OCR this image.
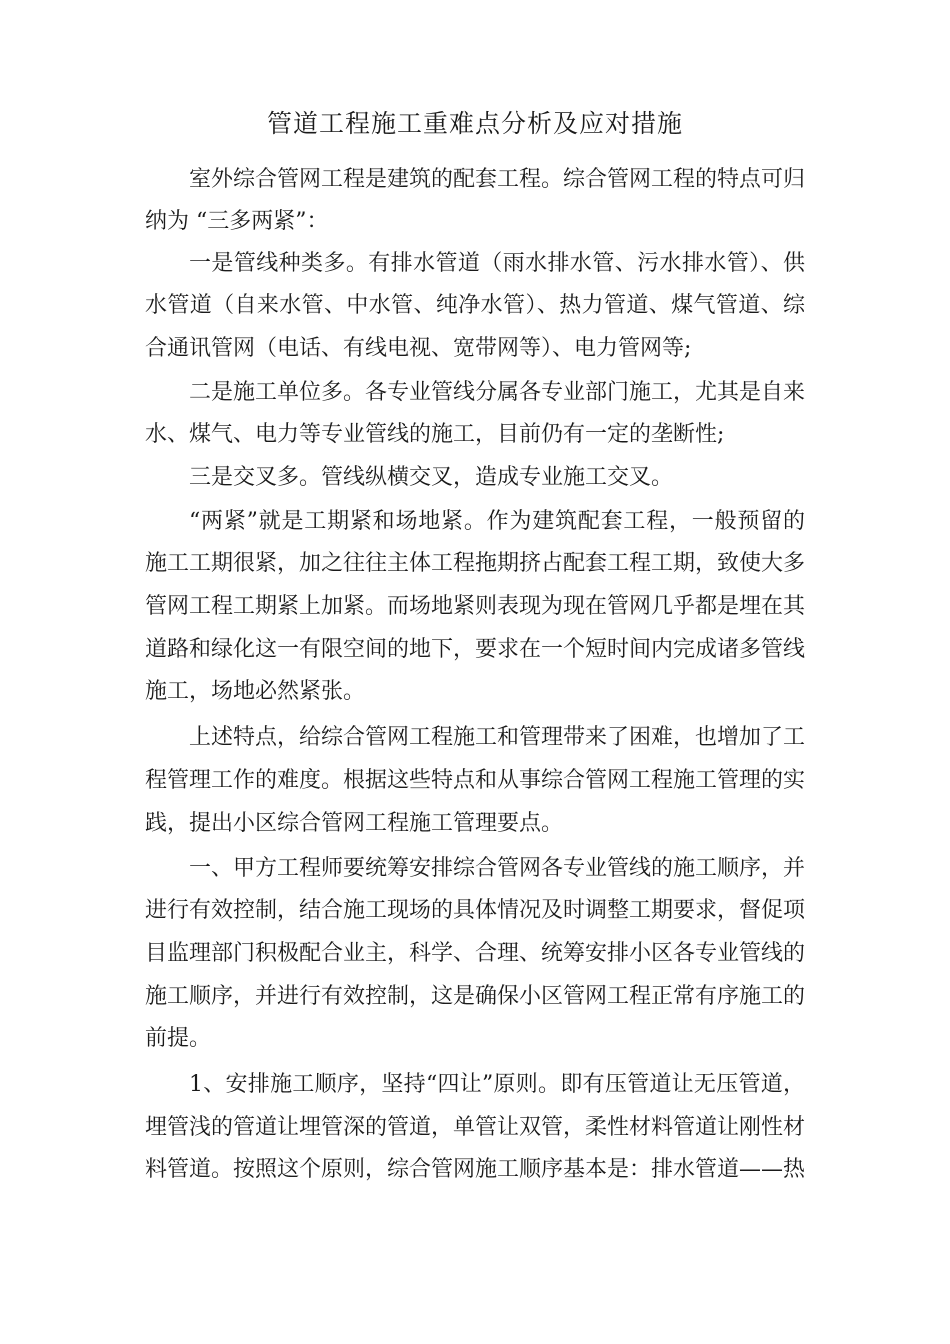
管道工程施工重难点分析及应对措施
室外综合管网工程是建筑的配套工程。综合管网工程的特点可归
纳为 “三多两紧”：
一是管线种类多。有排水管道（雨水排水管、污水排水管）、供
水管道（自来水管、中水管、纯净水管）、热力管道、煤气管道、综
合通讯管网（电话、有线电视、宽带网等）、电力管网等;
二是施工单位多。各专业管线分属各专业部门施工，尤其是自来
水、煤气、电力等专业管线的施工，目前仍有一定的垄断性;
三是交叉多。管线纵横交叉，造成专业施工交叉。
“两紧”就是工期紧和场地紧。作为建筑配套工程，一般预留的
施工工期很紧，加之往往主体工程拖期挤占配套工程工期，致使大多
管网工程工期紧上加紧。而场地紧则表现为现在管网几乎都是埋在其
道路和绿化这一有限空间的地下，要求在一个短时间内完成诸多管线
施工，场地必然紧张。
上述特点，给综合管网工程施工和管理带来了困难，也增加了工
程管理工作的难度。根据这些特点和从事综合管网工程施工管理的实
践，提出小区综合管网工程施工管理要点。
一、甲方工程师要统筹安排综合管网各专业管线的施工顺序，并
进行有效控制，结合施工现场的具体情况及时调整工期要求，督促项
目监理部门积极配合业主，科学、合理、统筹安排小区各专业管线的
施工顺序，并进行有效控制，这是确保小区管网工程正常有序施工的
前提。
1、安排施工顺序，坚持“四让”原则。即有压管道让无压管道，
埋管浅的管道让埋管深的管道，单管让双管，柔性材料管道让刚性材
料管道。按照这个原则，综合管网施工顺序基本是：排水管道——热
